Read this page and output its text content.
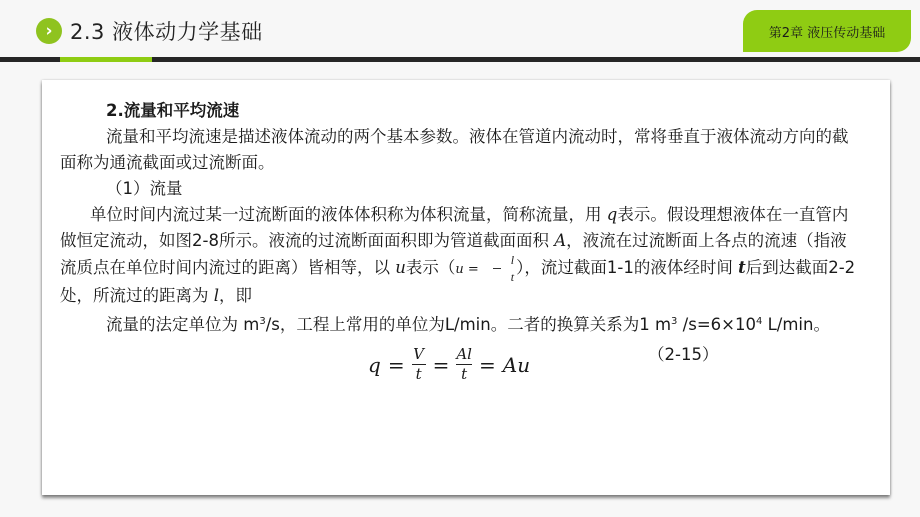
› 2.3 液体动力学基础	第2章 液压传动基础

2.流量和平均流速

流量和平均流速是描述液体流动的两个基本参数。液体在管道内流动时，常将垂直于液体流动方向的截面称为通流截面或过流断面。

（1）流量

单位时间内流过某一过流断面的液体体积称为体积流量，简称流量，用 q表示。假设理想液体在一直管内做恒定流动，如图2-8所示。液流的过流断面面积即为管道截面面积 A，液流在过流断面上各点的流速（指液流质点在单位时间内流过的距离）皆相等，以 u表示（$u = \frac{l}{t}$ ），流过截面1-1的液体经时间 t后到达截面2-2处，所流过的距离为 l，即

流量的法定单位为 $m^3/s$，工程上常用的单位为L/min。二者的换算关系为1 $m^3$ $/s=6\times 10^4$ L/min。

$q = \frac{V}{t} = \frac{Al}{t} = Au$	（2-15）
